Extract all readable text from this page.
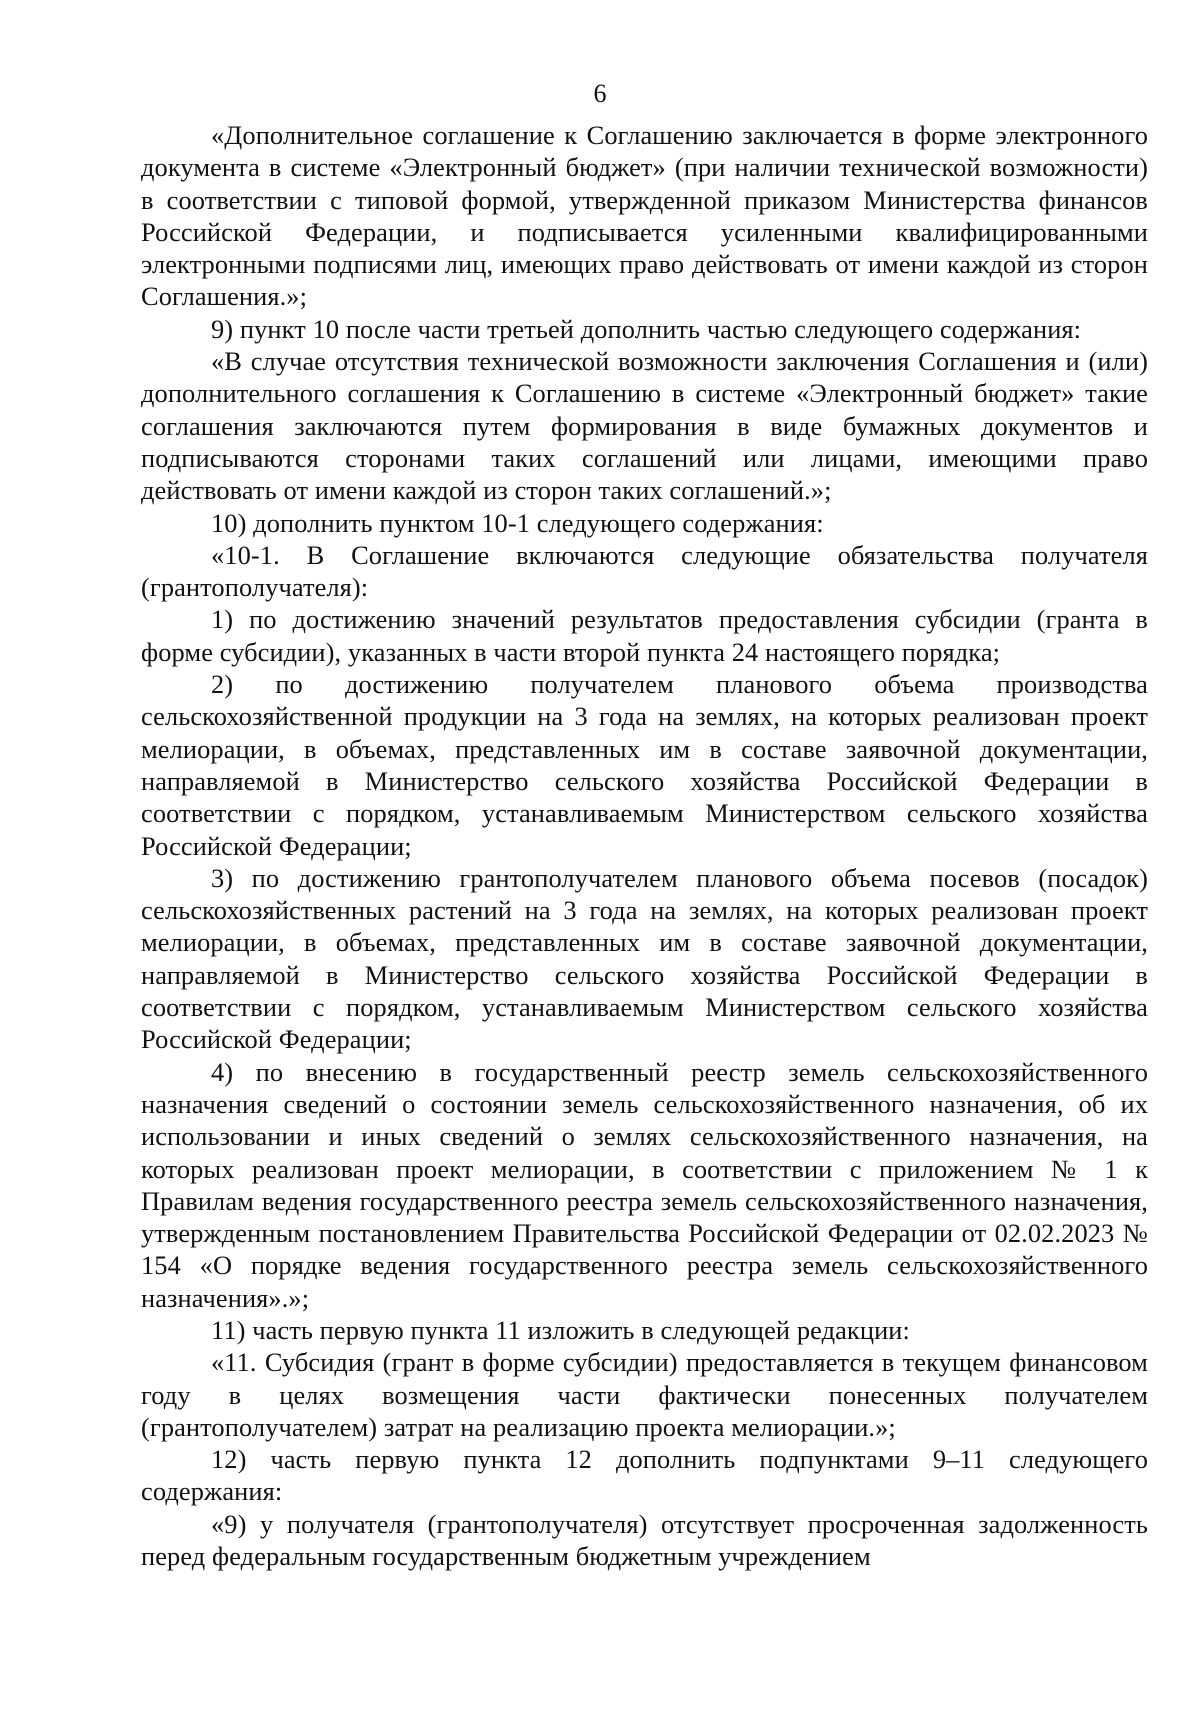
6

«Дополнительное соглашение к Соглашению заключается в форме электронного документа в системе «Электронный бюджет» (при наличии технической возможности) в соответствии с типовой формой, утвержденной приказом Министерства финансов Российской Федерации, и подписывается усиленными квалифицированными электронными подписями лиц, имеющих право действовать от имени каждой из сторон Соглашения.»;

9) пункт 10 после части третьей дополнить частью следующего содержания:

«В случае отсутствия технической возможности заключения Соглашения и (или) дополнительного соглашения к Соглашению в системе «Электронный бюджет» такие соглашения заключаются путем формирования в виде бумажных документов и подписываются сторонами таких соглашений или лицами, имеющими право действовать от имени каждой из сторон таких соглашений.»;

10) дополнить пунктом 10-1 следующего содержания:

«10-1. В Соглашение включаются следующие обязательства получателя (грантополучателя):

1) по достижению значений результатов предоставления субсидии (гранта в форме субсидии), указанных в части второй пункта 24 настоящего порядка;

2) по достижению получателем планового объема производства сельскохозяйственной продукции на 3 года на землях, на которых реализован проект мелиорации, в объемах, представленных им в составе заявочной документации, направляемой в Министерство сельского хозяйства Российской Федерации в соответствии с порядком, устанавливаемым Министерством сельского хозяйства Российской Федерации;

3) по достижению грантополучателем планового объема посевов (посадок) сельскохозяйственных растений на 3 года на землях, на которых реализован проект мелиорации, в объемах, представленных им в составе заявочной документации, направляемой в Министерство сельского хозяйства Российской Федерации в соответствии с порядком, устанавливаемым Министерством сельского хозяйства Российской Федерации;

4) по внесению в государственный реестр земель сельскохозяйственного назначения сведений о состоянии земель сельскохозяйственного назначения, об их использовании и иных сведений о землях сельскохозяйственного назначения, на которых реализован проект мелиорации, в соответствии с приложением № 1 к Правилам ведения государственного реестра земель сельскохозяйственного назначения, утвержденным постановлением Правительства Российской Федерации от 02.02.2023 № 154 «О порядке ведения государственного реестра земель сельскохозяйственного назначения».»;

11) часть первую пункта 11 изложить в следующей редакции:

«11. Субсидия (грант в форме субсидии) предоставляется в текущем финансовом году в целях возмещения части фактически понесенных получателем (грантополучателем) затрат на реализацию проекта мелиорации.»;

12) часть первую пункта 12 дополнить подпунктами 9–11 следующего содержания:

«9) у получателя (грантополучателя) отсутствует просроченная задолженность перед федеральным государственным бюджетным учреждением
